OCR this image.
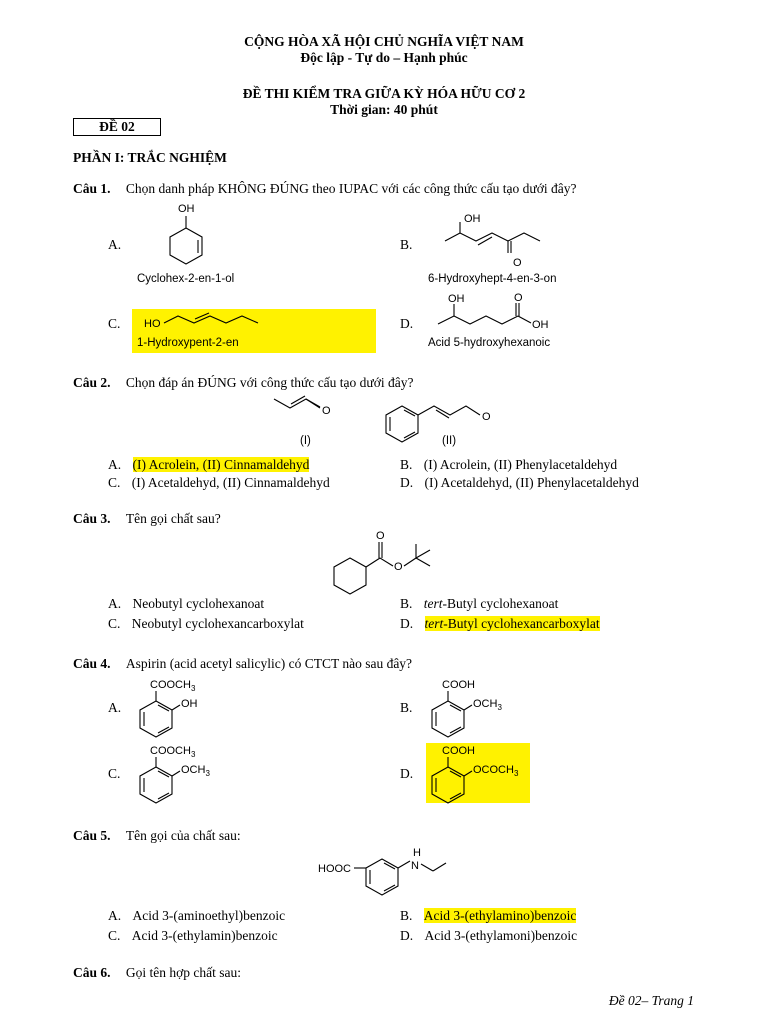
CỘNG HÒA XÃ HỘI CHỦ NGHĨA VIỆT NAM
Độc lập - Tự do – Hạnh phúc
ĐỀ THI KIỂM TRA GIỮA KỲ HÓA HỮU CƠ 2
Thời gian: 40 phút
ĐỀ 02
PHẦN I: TRẮC NGHIỆM
Câu 1. Chọn danh pháp KHÔNG ĐÚNG theo IUPAC với các công thức cấu tạo dưới đây?
A.
OH
Cyclohex-2-en-1-ol
B.
OH
O
6-Hydroxyhept-4-en-3-on
C. HO
1-Hydroxypent-2-en
D.
OH	O
OH
Acid 5-hydroxyhexanoic
Câu 2. Chọn đáp án ĐÚNG với công thức cấu tạo dưới đây?
O
(I)
O
(II)
A. (I) Acrolein, (II) Cinnamaldehyd	B. (I) Acrolein, (II) Phenylacetaldehyd
C. (I) Acetaldehyd, (II) Cinnamaldehyd	D. (I) Acetaldehyd, (II) Phenylacetaldehyd
Câu 3. Tên gọi chất sau?
O
O
A. Neobutyl cyclohexanoat	B. tert-Butyl cyclohexanoat
C. Neobutyl cyclohexancarboxylat	D. tert-Butyl cyclohexancarboxylat
Câu 4. Aspirin (acid acetyl salicylic) có CTCT nào sau đây?
A.
$COOCH_3$
OH	B.
COOH
$OCH_3$
C.
$COOCH_3$
$OCH_3$	D.
COOH
$OCOCH_3$
Câu 5. Tên gọi của chất sau:
HOOC
H
N
A. Acid 3-(aminoethyl)benzoic	B. Acid 3-(ethylamino)benzoic
C. Acid 3-(ethylamin)benzoic	D. Acid 3-(ethylamoni)benzoic
Câu 6. Gọi tên hợp chất sau:
Đề 02– Trang 1
